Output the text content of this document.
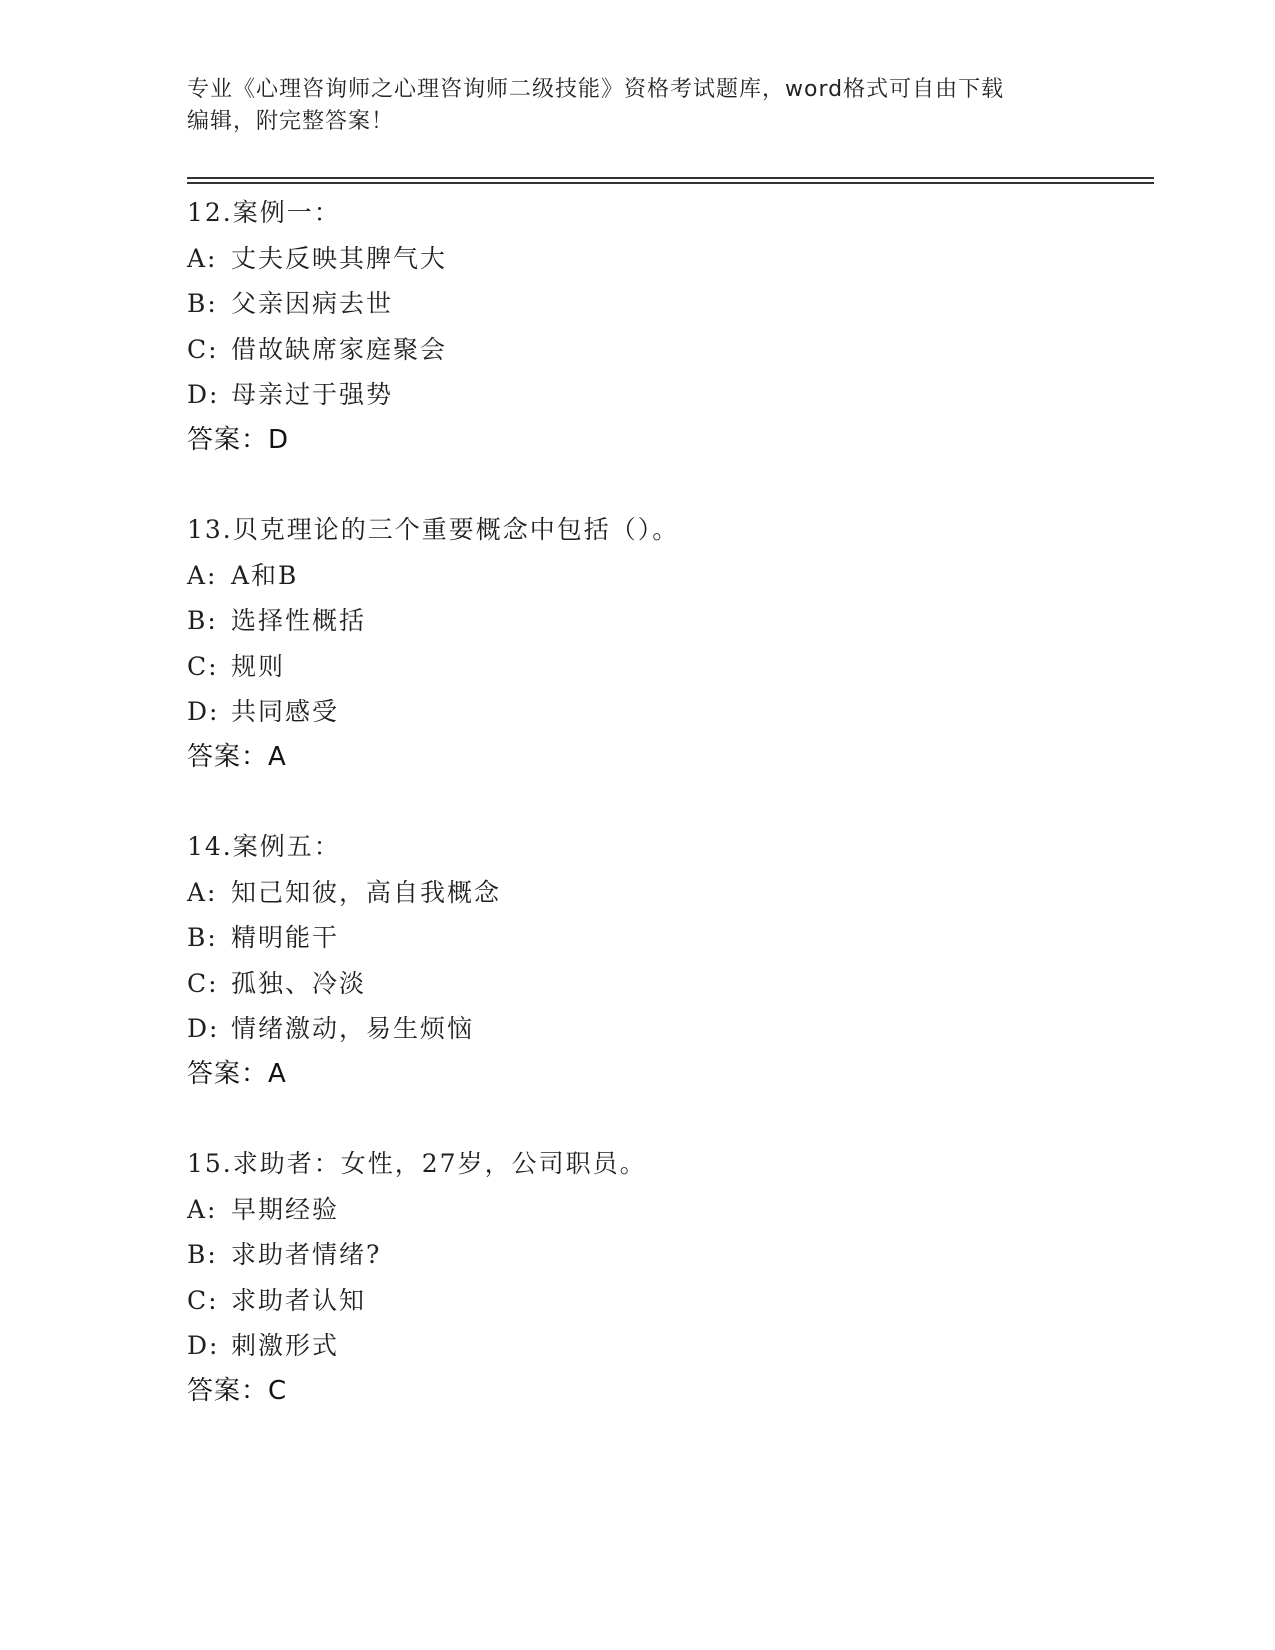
专业《心理咨询师之心理咨询师二级技能》资格考试题库，word格式可自由下载
编辑，附完整答案！
12.案例一：
A: 丈夫反映其脾气大
B: 父亲因病去世
C: 借故缺席家庭聚会
D: 母亲过于强势
答案：D
13.贝克理论的三个重要概念中包括（）。
A: A和B
B: 选择性概括
C: 规则
D: 共同感受
答案：A
14.案例五：
A: 知己知彼，高自我概念
B: 精明能干
C: 孤独、冷淡
D: 情绪激动，易生烦恼
答案：A
15.求助者：女性，27岁，公司职员。
A: 早期经验
B: 求助者情绪?
C: 求助者认知
D: 刺激形式
答案：C
